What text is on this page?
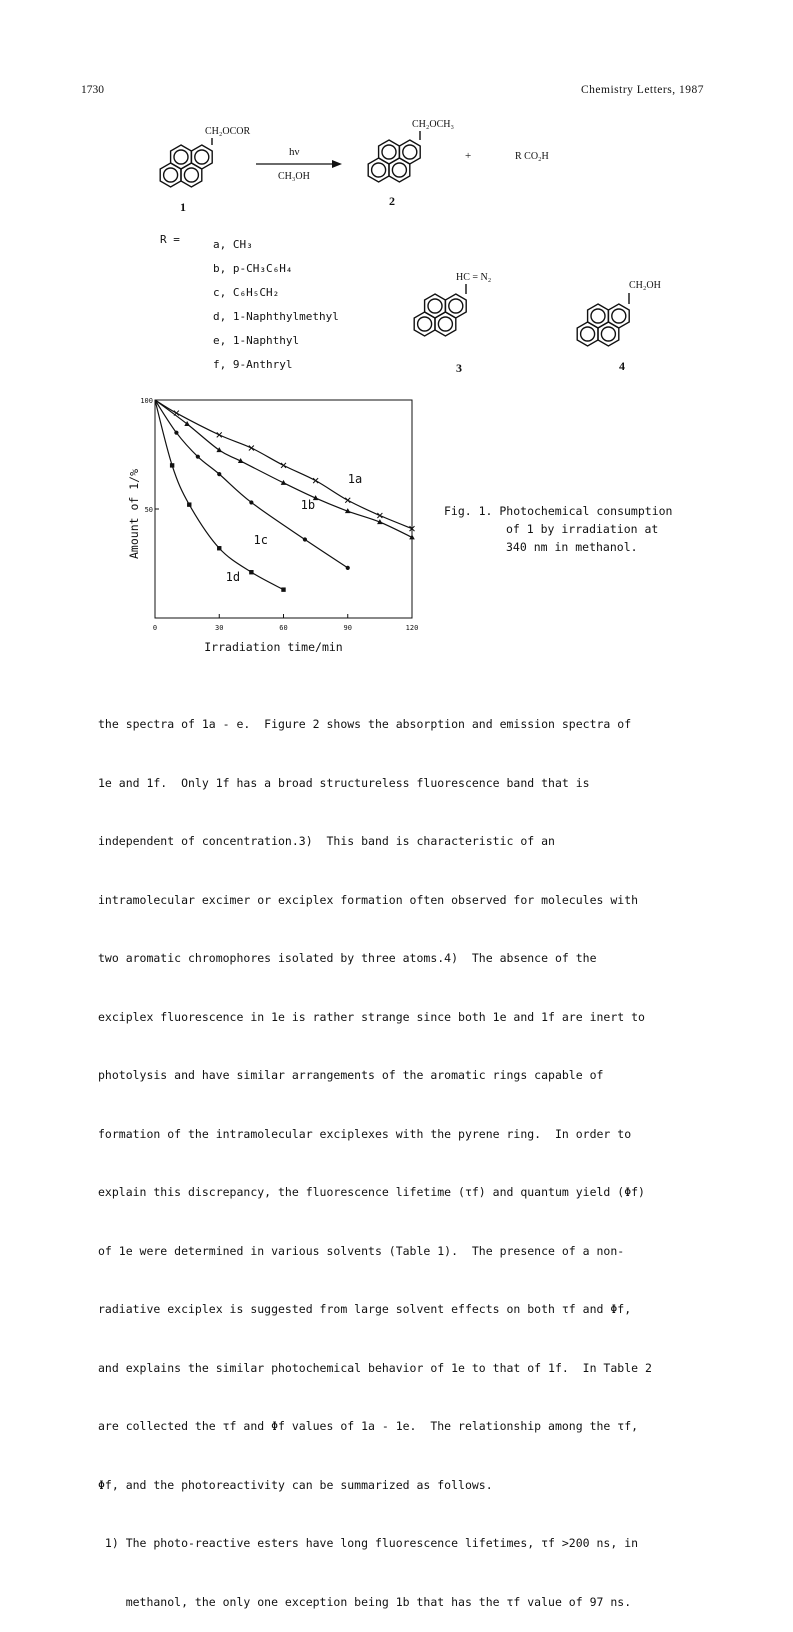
1730	Chemistry Letters, 1987
CH₂OCOR
1
hν
CH₃OH
CH₂OCH₃
2
+	R CO₂H
R =	a, CH₃
b, p-CH₃C₆H₄
c, C₆H₅CH₂
d, 1-Naphthylmethyl
e, 1-Naphthyl
f, 9-Anthryl
HC = N₂
3
CH₂OH
4
0	30	60	90	120
50
100
Irradiation time/min
Amount of 1/%	1a
1b
1c
1d
Fig. 1. Photochemical consumption
of 1 by irradiation at
340 nm in methanol.

the spectra of 1a - e.  Figure 2 shows the absorption and emission spectra of

1e and 1f.  Only 1f has a broad structureless fluorescence band that is

independent of concentration.3)  This band is characteristic of an

intramolecular excimer or exciplex formation often observed for molecules with

two aromatic chromophores isolated by three atoms.4)  The absence of the

exciplex fluorescence in 1e is rather strange since both 1e and 1f are inert to

photolysis and have similar arrangements of the aromatic rings capable of

formation of the intramolecular exciplexes with the pyrene ring.  In order to

explain this discrepancy, the fluorescence lifetime (τf) and quantum yield (Φf)

of 1e were determined in various solvents (Table 1).  The presence of a non-

radiative exciplex is suggested from large solvent effects on both τf and Φf,

and explains the similar photochemical behavior of 1e to that of 1f.  In Table 2

are collected the τf and Φf values of 1a - 1e.  The relationship among the τf,

Φf, and the photoreactivity can be summarized as follows.

1) The photo-reactive esters have long fluorescence lifetimes, τf >200 ns, in

methanol, the only one exception being 1b that has the τf value of 97 ns.
